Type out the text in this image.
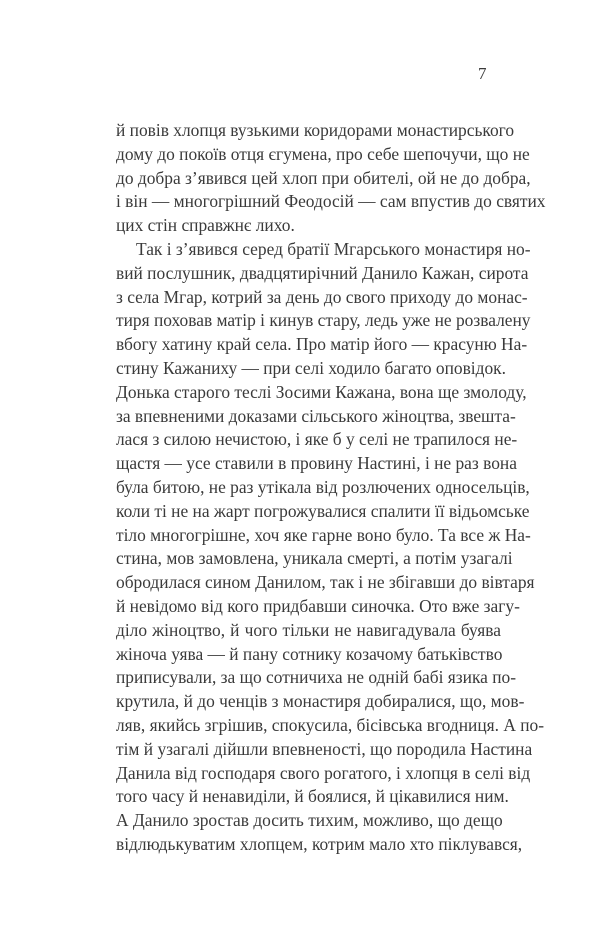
7
й повів хлопця вузькими коридорами монастирського
дому до покоїв отця єгумена, про себе шепочучи, що не
до добра з’явився цей хлоп при обителі, ой не до добра,
і він — многогрішний Феодосій — сам впустив до святих
цих стін справжнє лихо.
Так і з’явився серед братії Мгарського монастиря но-
вий послушник, двадцятирічний Данило Кажан, сирота
з села Мгар, котрий за день до свого приходу до монас-
тиря поховав матір і кинув стару, ледь уже не розвалену
вбогу хатину край села. Про матір його — красуню На-
стину Кажаниху — при селі ходило багато оповідок.
Донька старого теслі Зосими Кажана, вона ще змолоду,
за впевненими доказами сільського жіноцтва, звешта-
лася з силою нечистою, і яке б у селі не трапилося не-
щастя — усе ставили в провину Настині, і не раз вона
була битою, не раз утікала від розлючених односельців,
коли ті не на жарт погрожувалися спалити її відьомське
тіло многогрішне, хоч яке гарне воно було. Та все ж На-
стина, мов замовлена, уникала смерті, а потім узагалі
обродилася сином Данилом, так і не збігавши до вівтаря
й невідомо від кого придбавши синочка. Ото вже загу-
діло жіноцтво, й чого тільки не навигадувала буява
жіноча уява — й пану сотнику козачому батьківство
приписували, за що сотничиха не одній бабі язика по-
крутила, й до ченців з монастиря добиралися, що, мов-
ляв, якийсь згрішив, спокусила, бісівська вгодниця. А по-
тім й узагалі дійшли впевненості, що породила Настина
Данила від господаря свого рогатого, і хлопця в селі від
того часу й ненавиділи, й боялися, й цікавилися ним.
А Данило зростав досить тихим, можливо, що дещо
відлюдькуватим хлопцем, котрим мало хто піклувався,
